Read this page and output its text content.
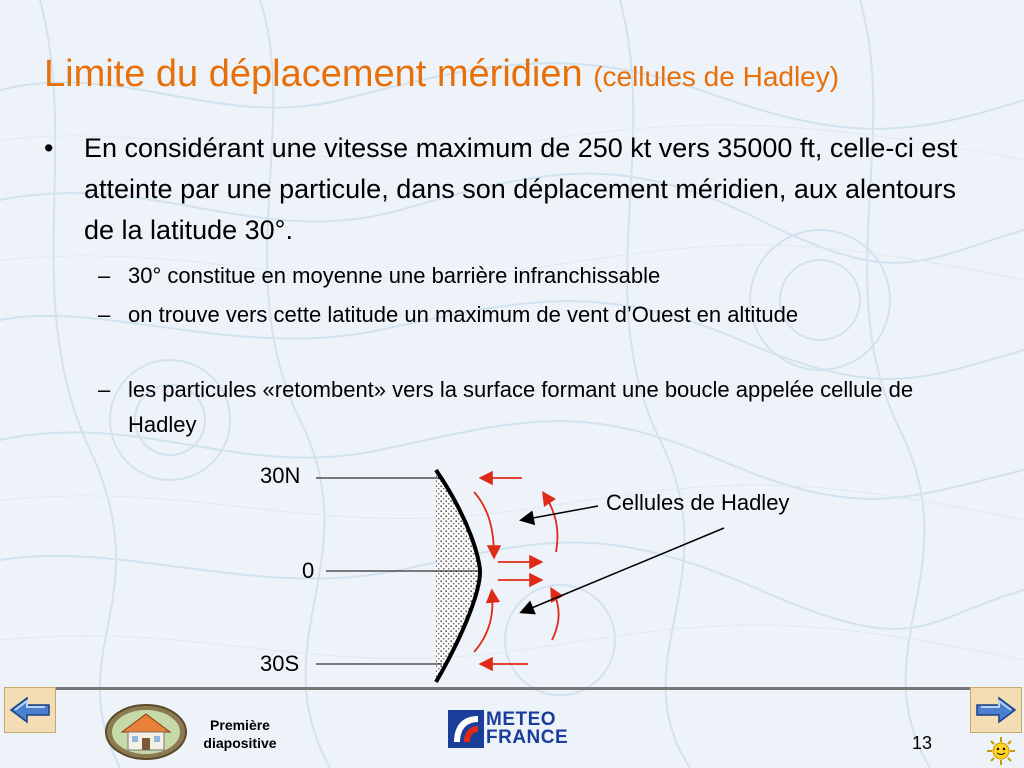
Limite du déplacement méridien (cellules de Hadley)
• En considérant une vitesse maximum de 250 kt vers 35000 ft, celle-ci est atteinte par une particule, dans son déplacement méridien, aux alentours de la latitude 30°.
– 30° constitue en moyenne une barrière infranchissable
– on trouve vers cette latitude un maximum de vent d’Ouest en altitude
– les particules «retombent» vers la surface formant une boucle appelée cellule de Hadley
30N
0
30S
Cellules de Hadley
Première
diapositive
METEO
FRANCE	13
